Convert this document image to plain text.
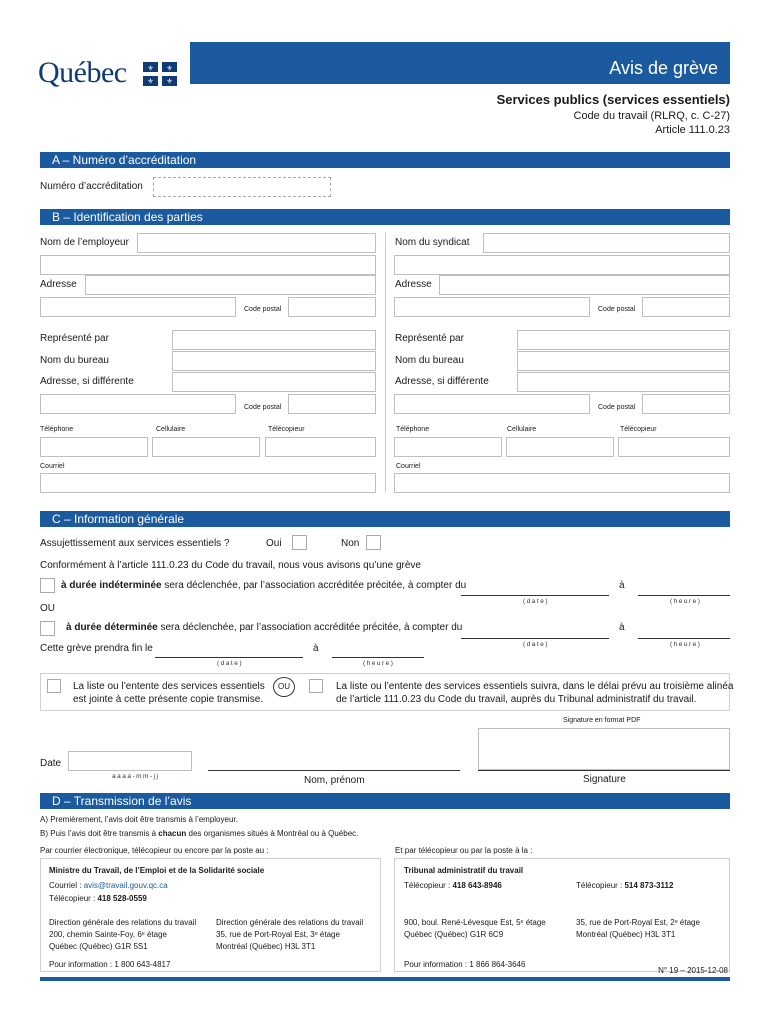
Québec	⚜ ⚜
⚜ ⚜
Avis de grève
Services publics (services essentiels)
Code du travail (RLRQ, c. C-27)
Article 111.0.23
A – Numéro d’accréditation
Numéro d’accréditation
B – Identification des parties
Nom de l’employeur
Adresse
Code postal
Représenté par
Nom du bureau
Adresse, si différente
Code postal
Téléphone	Cellulaire	Télécopieur
Courriel
Nom du syndicat
Adresse
Code postal
Représenté par
Nom du bureau
Adresse, si différente
Code postal
Téléphone	Cellulaire	Télécopieur
Courriel
C – Information générale
Assujettissement aux services essentiels ?	Oui	Non
Conformément à l’article 111.0.23 du Code du travail, nous vous avisons qu’une grève
à durée indéterminée sera déclenchée, par l’association accréditée précitée, à compter du
(date)
à
(heure)
OU
à durée déterminée sera déclenchée, par l’association accréditée précitée, à compter du
(date)
à
(heure)
Cette grève prendra fin le
(date)
à
(heure)
La liste ou l’entente des services essentiels
est jointe à cette présente copie transmise.
OU	La liste ou l’entente des services essentiels suivra, dans le délai prévu au troisième alinéa
de l’article 111.0.23 du Code du travail, auprès du Tribunal administratif du travail.
Signature en format PDF
Date
aaaa-mm-jj	Nom, prénom	Signature
D – Transmission de l’avis
A) Premièrement, l’avis doit être transmis à l’employeur.
B) Puis l’avis doit être transmis à chacun des organismes situés à Montréal ou à Québec.
Par courrier électronique, télécopieur ou encore par la poste au :	Et par télécopieur ou par la poste à la :
Ministre du Travail, de l’Emploi et de la Solidarité sociale
Courriel : avis@travail.gouv.qc.ca
Télécopieur : 418 528-0559
Direction générale des relations du travail
200, chemin Sainte-Foy, 6ᵉ étage
Québec (Québec) G1R 5S1
Direction générale des relations du travail
35, rue de Port-Royal Est, 3ᵉ étage
Montréal (Québec) H3L 3T1
Pour information : 1 800 643-4817
Tribunal administratif du travail
Télécopieur : 418 643-8946	Télécopieur : 514 873-3112
900, boul. René-Lévesque Est, 5ᵉ étage
Québec (Québec) G1R 6C9
35, rue de Port-Royal Est, 2ᵉ étage
Montréal (Québec) H3L 3T1
Pour information : 1 866 864-3646
N° 19 – 2015-12-08
